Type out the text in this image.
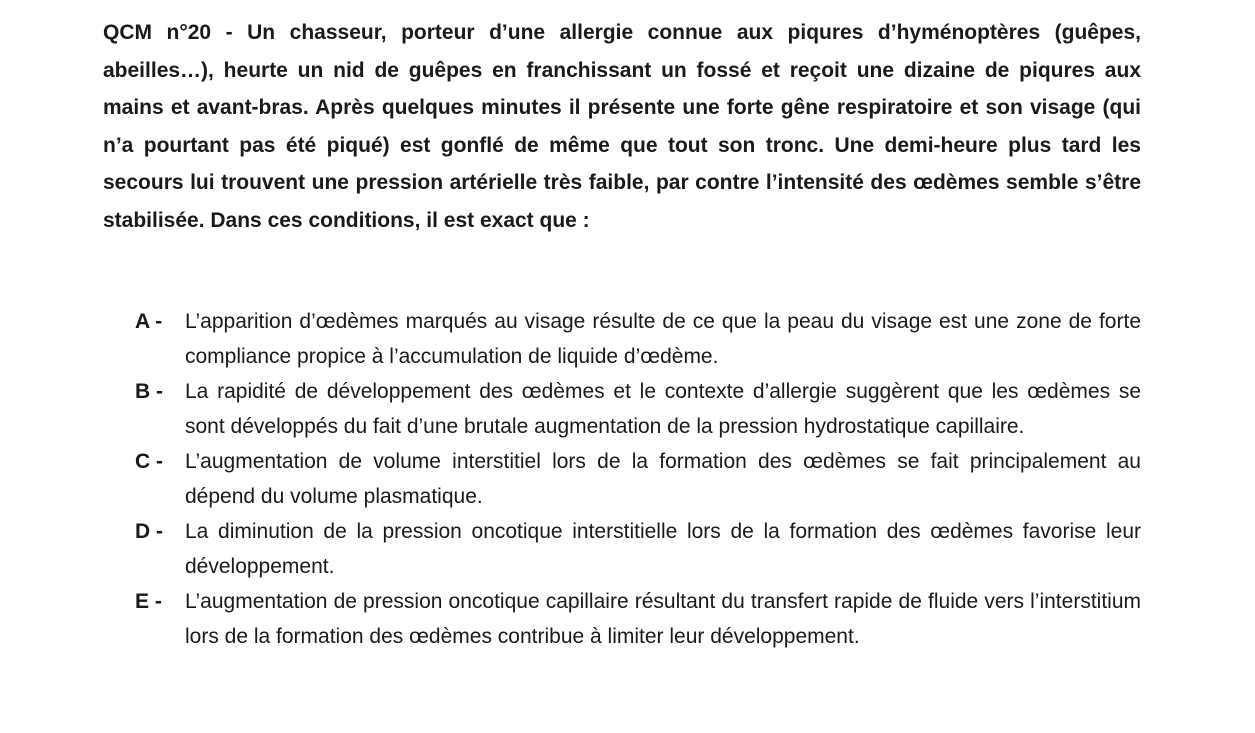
QCM n°20 - Un chasseur, porteur d’une allergie connue aux piqures d’hyménoptères (guêpes, abeilles…), heurte un nid de guêpes en franchissant un fossé et reçoit une dizaine de piqures aux mains et avant-bras. Après quelques minutes il présente une forte gêne respiratoire et son visage (qui n’a pourtant pas été piqué) est gonflé de même que tout son tronc. Une demi-heure plus tard les secours lui trouvent une pression artérielle très faible, par contre l’intensité des œdèmes semble s’être stabilisée. Dans ces conditions, il est exact que :

A -	L’apparition d’œdèmes marqués au visage résulte de ce que la peau du visage est une zone de forte compliance propice à l’accumulation de liquide d’œdème.
B -	La rapidité de développement des œdèmes et le contexte d’allergie suggèrent que les œdèmes se sont développés du fait d’une brutale augmentation de la pression hydrostatique capillaire.
C -	L’augmentation de volume interstitiel lors de la formation des œdèmes se fait principalement au dépend du volume plasmatique.
D -	La diminution de la pression oncotique interstitielle lors de la formation des œdèmes favorise leur développement.
E -	L’augmentation de pression oncotique capillaire résultant du transfert rapide de fluide vers l’interstitium lors de la formation des œdèmes contribue à limiter leur développement.
